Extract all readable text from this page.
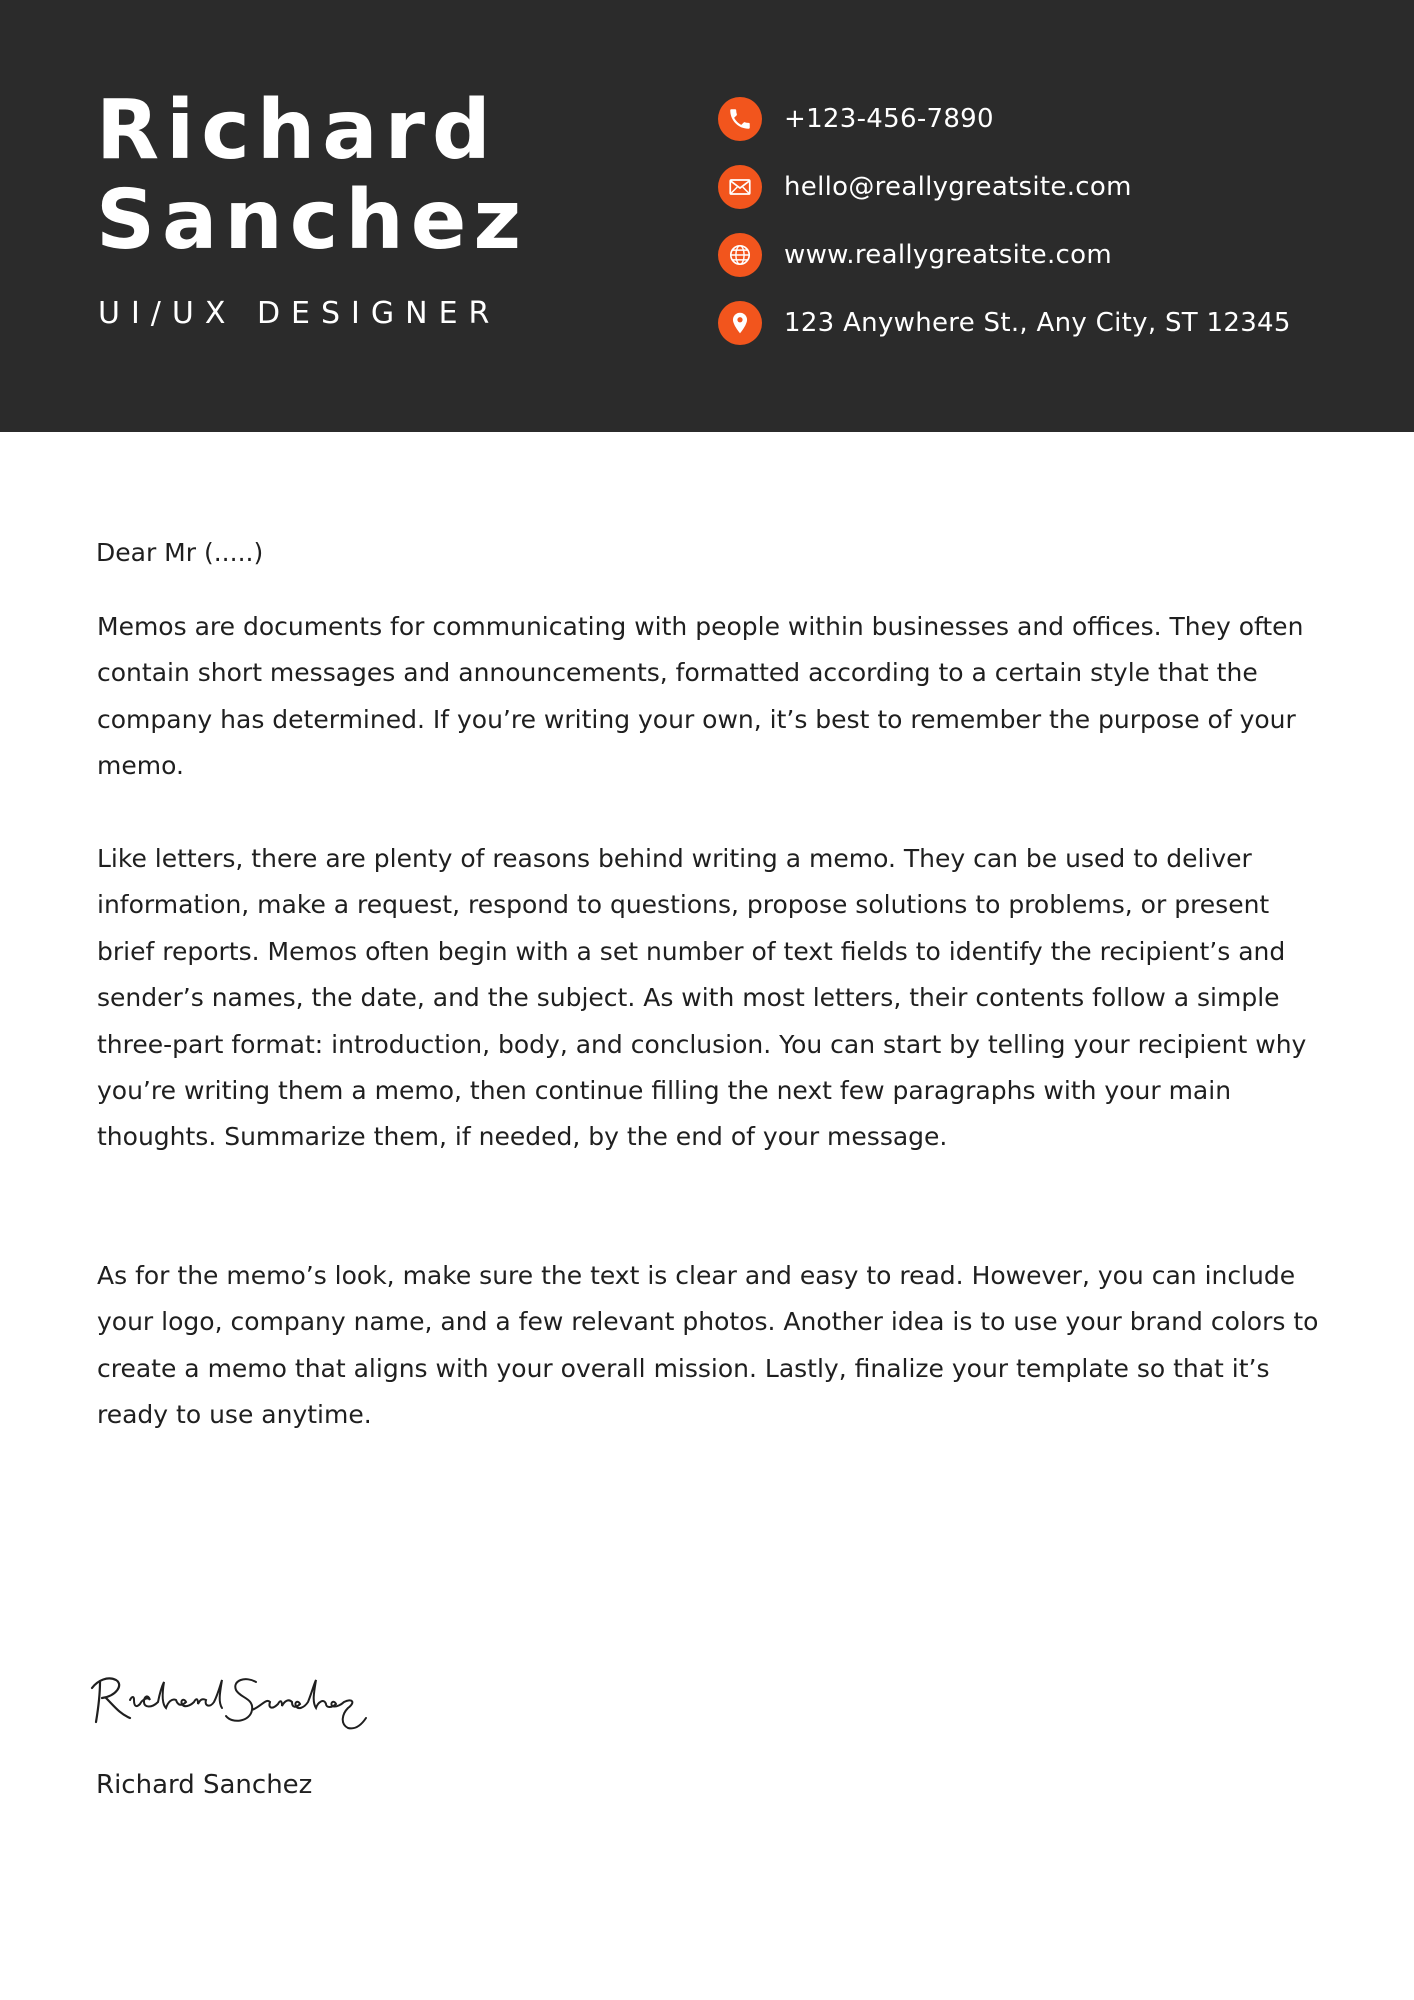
Richard
Sanchez
UI/UX DESIGNER
+123-456-7890
hello@reallygreatsite.com
www.reallygreatsite.com
123 Anywhere St., Any City, ST 12345

Dear Mr (.....)

Memos are documents for communicating with people within businesses and offices. They often contain short messages and announcements, formatted according to a certain style that the company has determined. If you’re writing your own, it’s best to remember the purpose of your memo.

Like letters, there are plenty of reasons behind writing a memo. They can be used to deliver information, make a request, respond to questions, propose solutions to problems, or present brief reports. Memos often begin with a set number of text fields to identify the recipient’s and sender’s names, the date, and the subject. As with most letters, their contents follow a simple three-part format: introduction, body, and conclusion. You can start by telling your recipient why you’re writing them a memo, then continue filling the next few paragraphs with your main thoughts. Summarize them, if needed, by the end of your message.

As for the memo’s look, make sure the text is clear and easy to read. However, you can include your logo, company name, and a few relevant photos. Another idea is to use your brand colors to create a memo that aligns with your overall mission. Lastly, finalize your template so that it’s ready to use anytime.

Richard Sanchez
